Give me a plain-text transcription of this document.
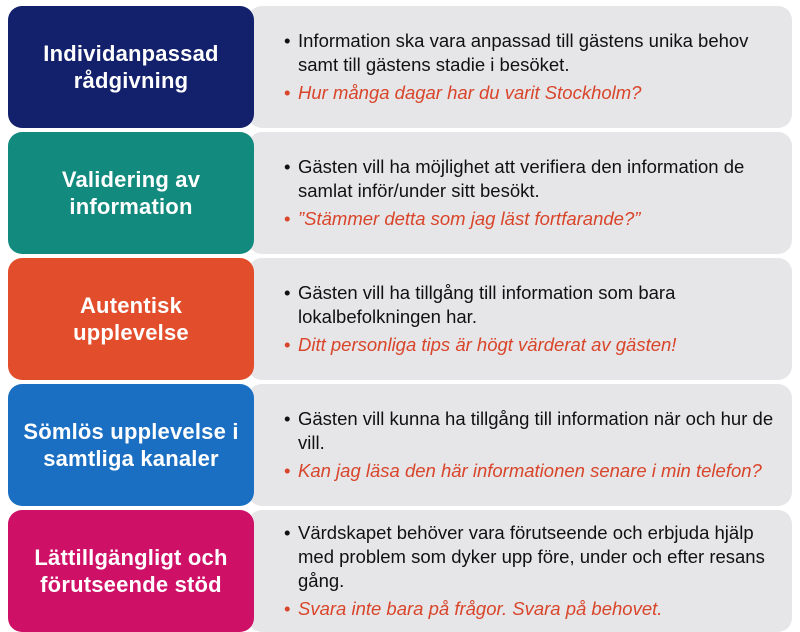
Individanpassad rådgivning

• Information ska vara anpassad till gästens unika behov samt till gästens stadie i besöket.

• Hur många dagar har du varit Stockholm?

Validering av information

• Gästen vill ha möjlighet att verifiera den information de samlat inför/under sitt besökt.

• ”Stämmer detta som jag läst fortfarande?”

Autentisk upplevelse

• Gästen vill ha tillgång till information som bara lokalbefolkningen har.

• Ditt personliga tips är högt värderat av gästen!

Sömlös upplevelse i samtliga kanaler

• Gästen vill kunna ha tillgång till information när och hur de vill.

• Kan jag läsa den här informationen senare i min telefon?

Lättillgängligt och förutseende stöd

• Värdskapet behöver vara förutseende och erbjuda hjälp med problem som dyker upp före, under och efter resans gång.

• Svara inte bara på frågor. Svara på behovet.
